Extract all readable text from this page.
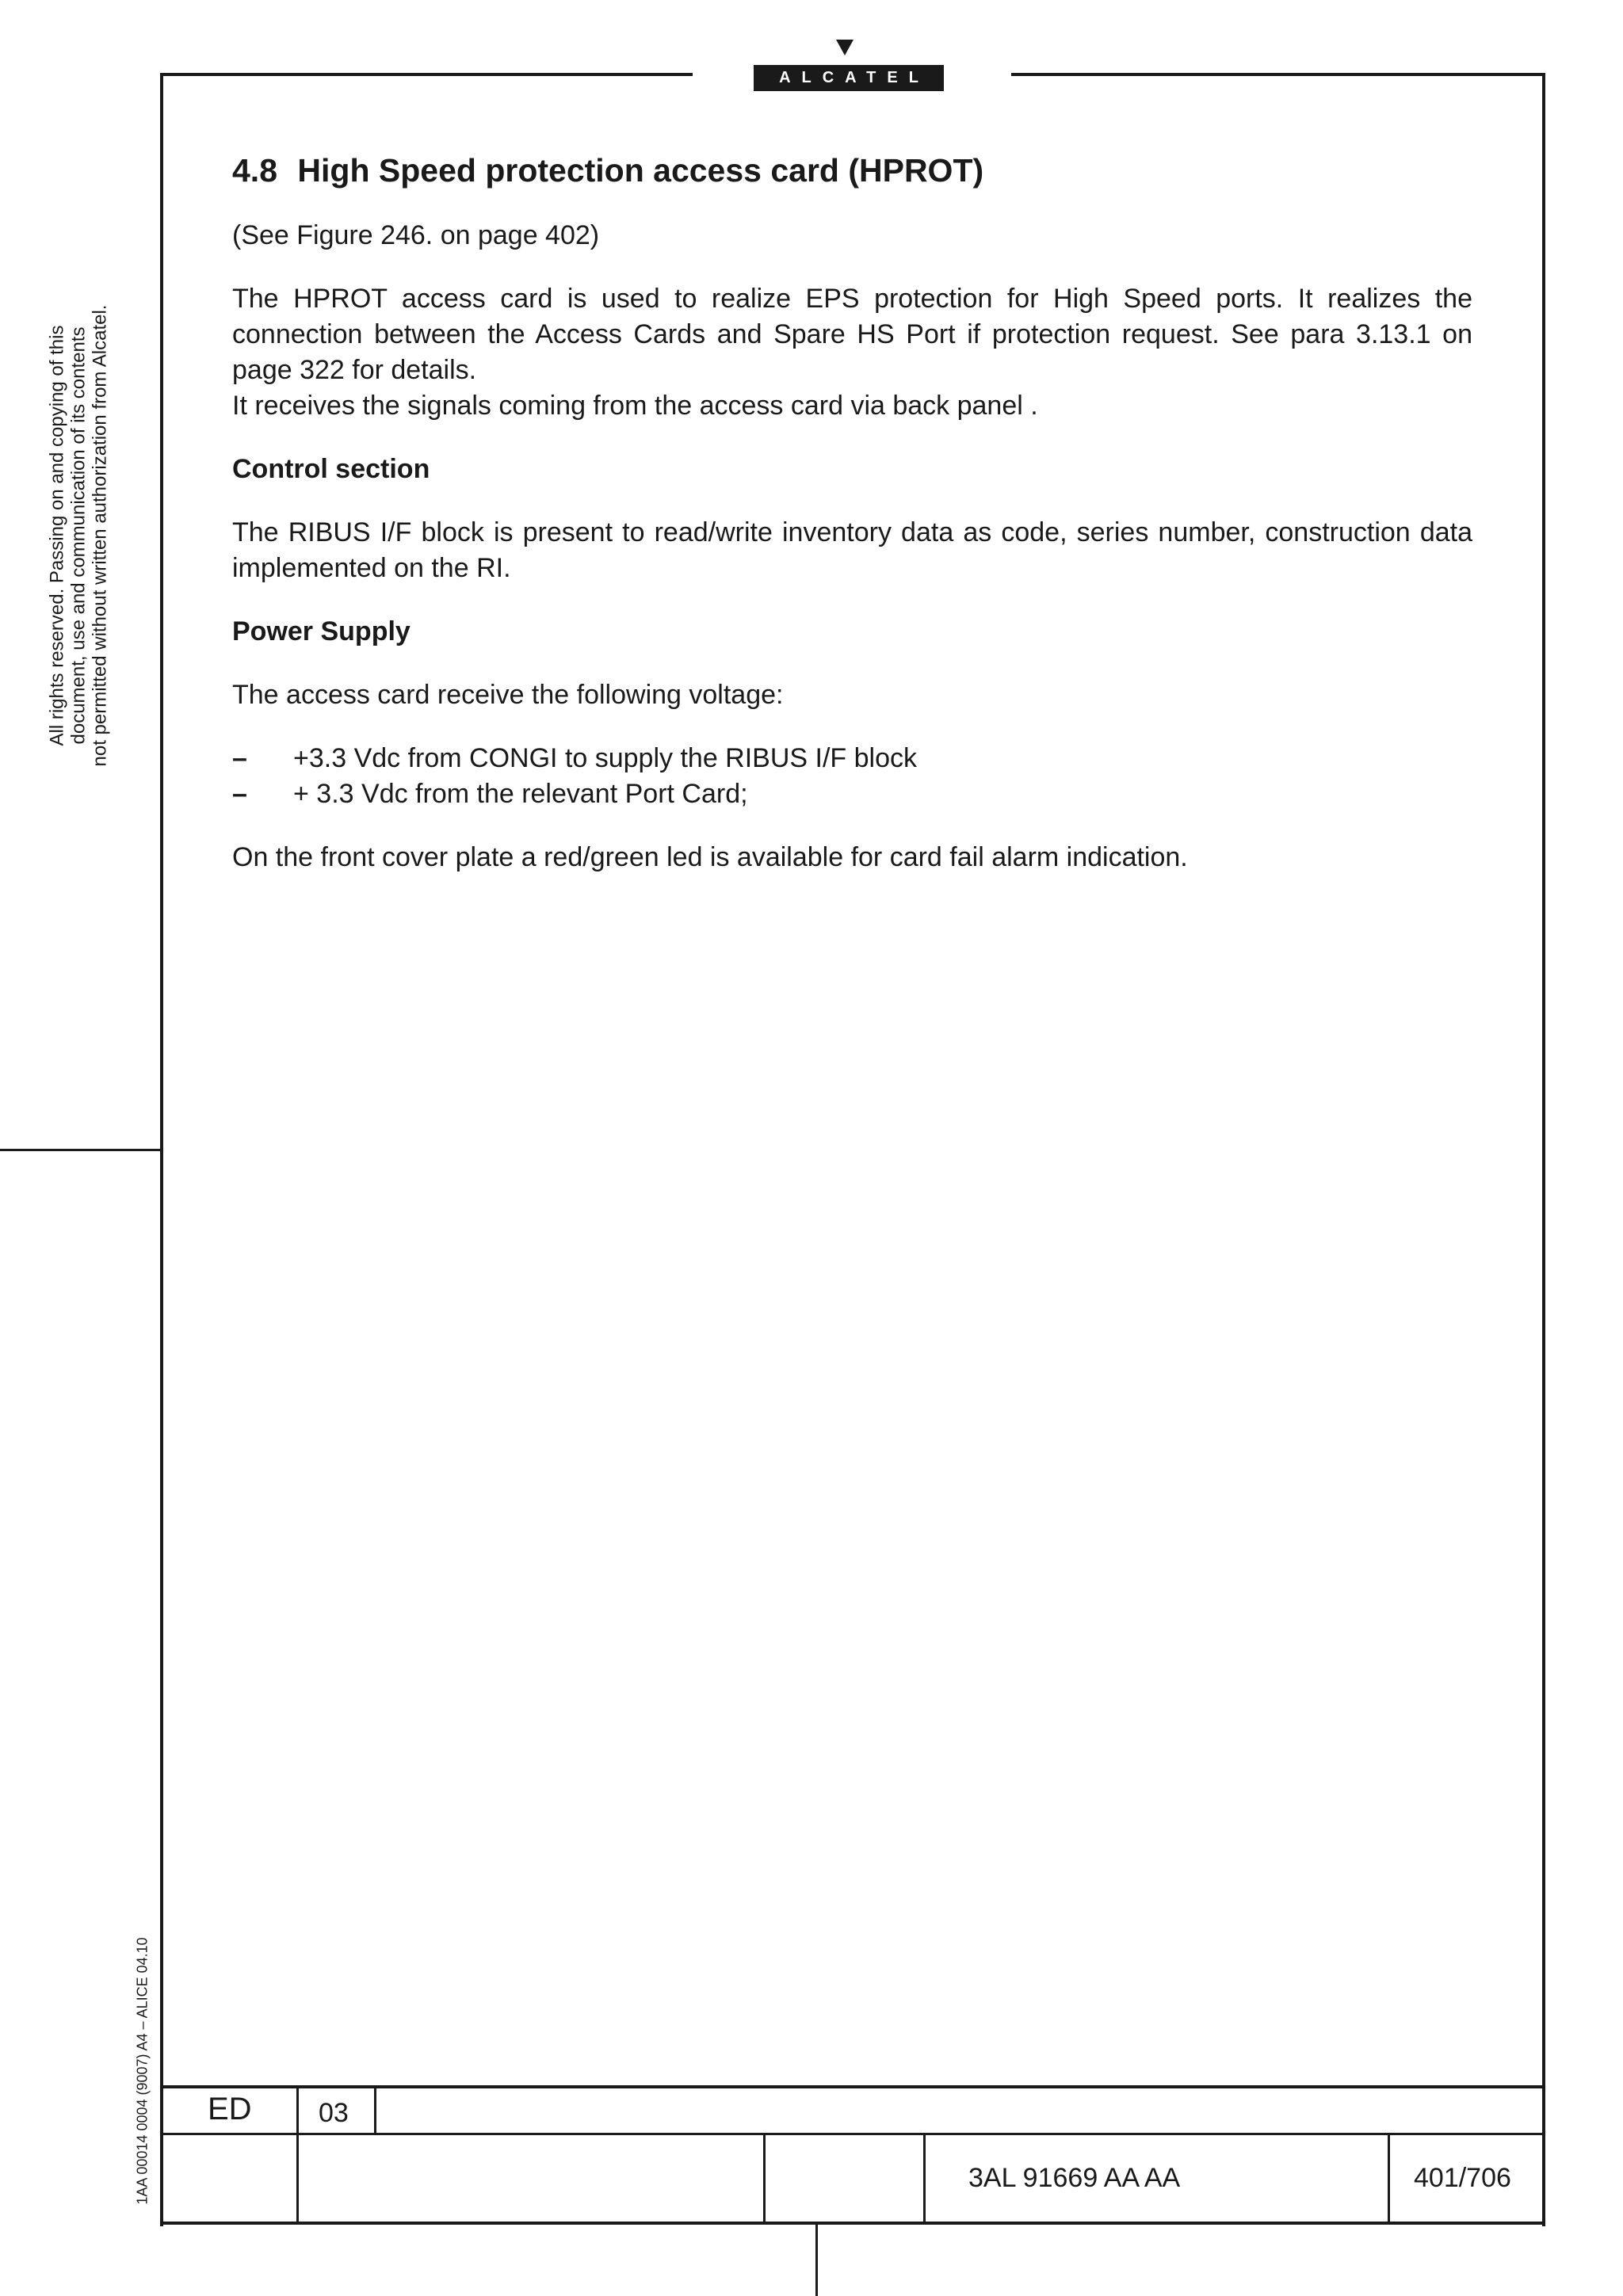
ALCATEL
All rights reserved. Passing on and copying of this document, use and communication of its contents not permitted without written authorization from Alcatel.
1AA 00014 0004 (9007) A4 – ALICE 04.10
4.8 High Speed protection access card (HPROT)

(See Figure 246. on page 402)

The HPROT access card is used to realize EPS protection for High Speed ports. It realizes the connection between the Access Cards and Spare HS Port if protection request. See para 3.13.1 on page 322 for details.

It receives the signals coming from the access card via back panel .

Control section

The RIBUS I/F block is present to read/write inventory data as code, series number, construction data implemented on the RI.

Power Supply

The access card receive the following voltage:

–	+3.3 Vdc from CONGI to supply the RIBUS I/F block
–	+ 3.3 Vdc from the relevant Port Card;

On the front cover plate a red/green led is available for card fail alarm indication.

ED 03
3AL 91669 AA AA	401/706
